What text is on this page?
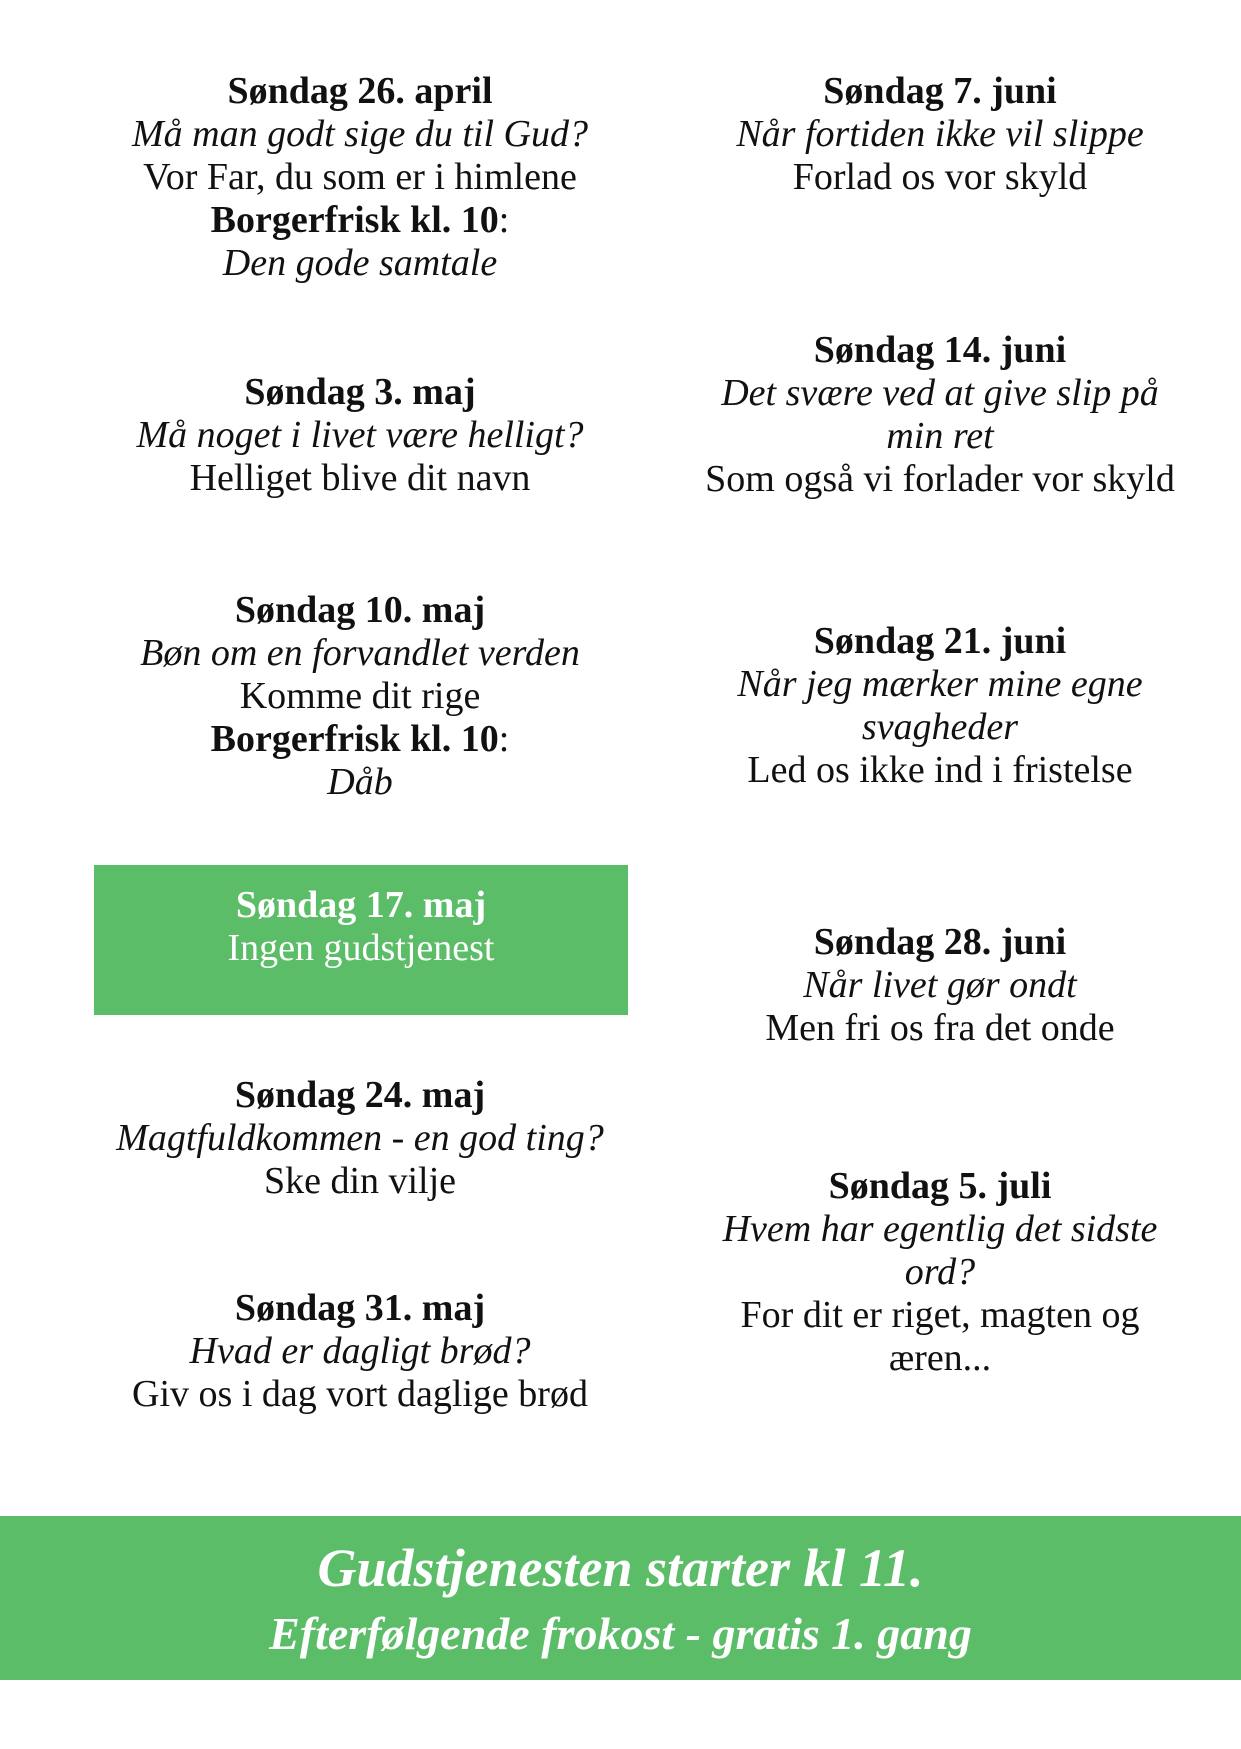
Søndag 26. april
Må man godt sige du til Gud?
Vor Far, du som er i himlene
Borgerfrisk kl. 10:
Den gode samtale
Søndag 3. maj
Må noget i livet være helligt?
Helliget blive dit navn
Søndag 10. maj
Bøn om en forvandlet verden
Komme dit rige
Borgerfrisk kl. 10:
Dåb
Søndag 24. maj
Magtfuldkommen - en god ting?
Ske din vilje
Søndag 31. maj
Hvad er dagligt brød?
Giv os i dag vort daglige brød
Søndag 17. maj
Ingen gudstjenest
Søndag 7. juni
Når fortiden ikke vil slippe
Forlad os vor skyld
Søndag 14. juni
Det svære ved at give slip på
min ret
Som også vi forlader vor skyld
Søndag 21. juni
Når jeg mærker mine egne
svagheder
Led os ikke ind i fristelse
Søndag 28. juni
Når livet gør ondt
Men fri os fra det onde
Søndag 5. juli
Hvem har egentlig det sidste
ord?
For dit er riget, magten og
æren...
Gudstjenesten starter kl 11.
Efterfølgende frokost - gratis 1. gang
